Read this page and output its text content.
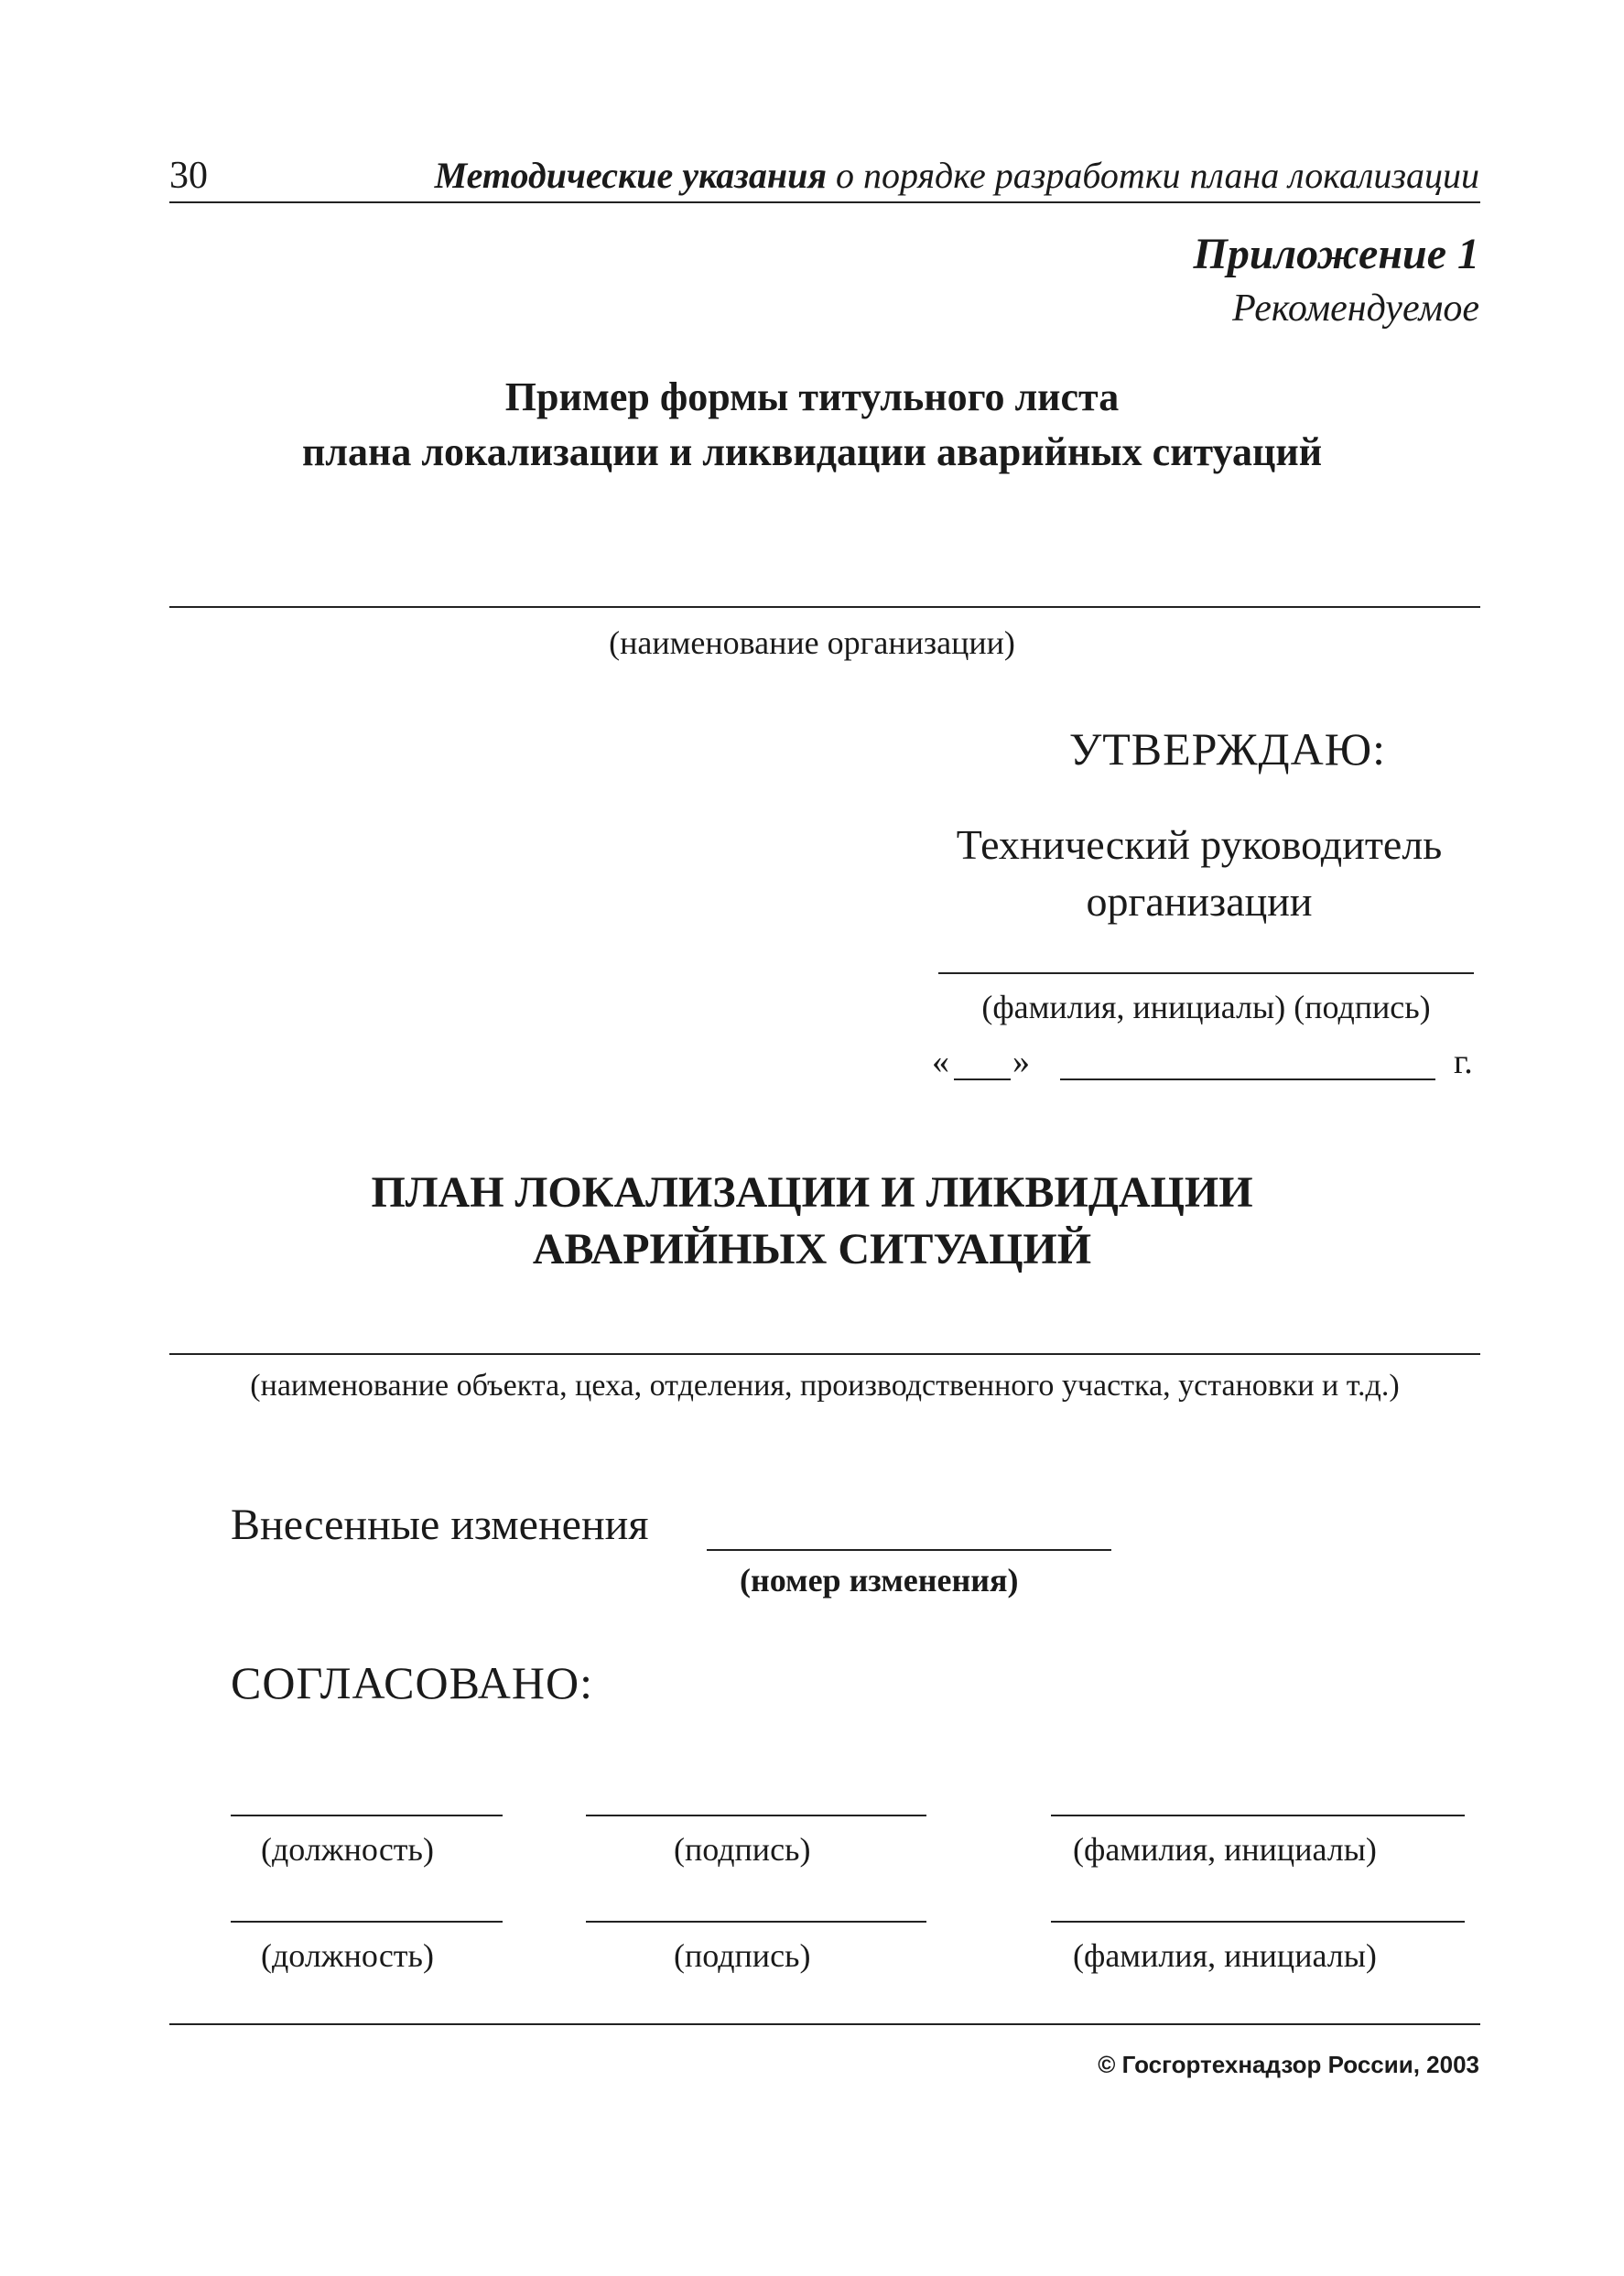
30	Методические указания о порядке разработки плана локализации
Приложение 1
Рекомендуемое
Пример формы титульного листа
плана локализации и ликвидации аварийных ситуаций
(наименование организации)
УТВЕРЖДАЮ:
Технический руководитель
организации
(фамилия, инициалы) (подпись)
« »	г.
ПЛАН ЛОКАЛИЗАЦИИ И ЛИКВИДАЦИИ
АВАРИЙНЫХ СИТУАЦИЙ
(наименование объекта, цеха, отделения, производственного участка, установки и т.д.)
Внесенные изменения
(номер изменения)
СОГЛАСОВАНО:
(должность)	(подпись)	(фамилия, инициалы)
(должность)	(подпись)	(фамилия, инициалы)
© Госгортехнадзор России, 2003
